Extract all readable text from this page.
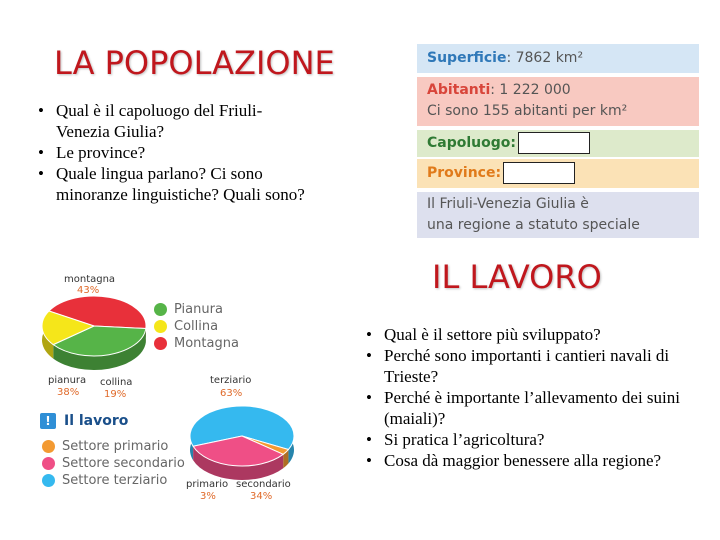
LA POPOLAZIONE
• Qual è il capoluogo del Friuli-Venezia Giulia?
• Le province?
• Quale lingua parlano? Ci sono minoranze linguistiche? Quali sono?
Superficie: 7862 km²
Abitanti: 1 222 000
Ci sono 155 abitanti per km²
Capoluogo:
Province:
Il Friuli-Venezia Giulia è
una regione a statuto speciale
IL LAVORO
• Qual è il settore più sviluppato?
• Perché sono importanti i cantieri navali di Trieste?
• Perché è importante l’allevamento dei suini (maiali)?
• Si pratica l’agricoltura?
• Cosa dà maggior benessere alla regione?
montagna
43%
pianura
38%
collina
19%
Pianura
Collina
Montagna
! Il lavoro
Settore primario
Settore secondario
Settore terziario
terziario
63%
primario
3%
secondario
34%
